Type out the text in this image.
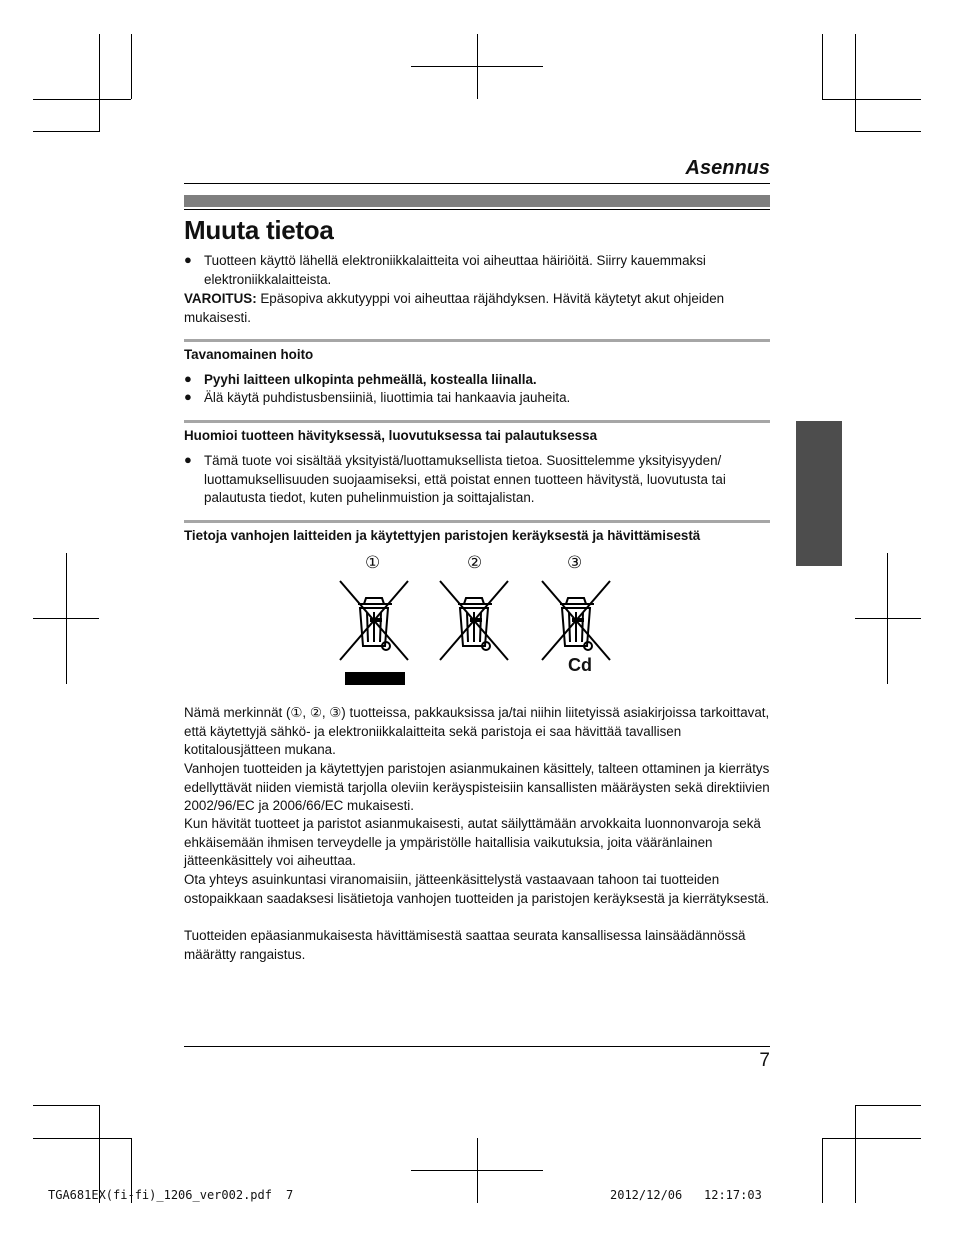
Asennus
Muuta tietoa
● Tuotteen käyttö lähellä elektroniikkalaitteita voi aiheuttaa häiriöitä. Siirry kauemmaksi elektroniikkalaitteista.
VAROITUS: Epäsopiva akkutyyppi voi aiheuttaa räjähdyksen. Hävitä käytetyt akut ohjeiden mukaisesti.
Tavanomainen hoito
● Pyyhi laitteen ulkopinta pehmeällä, kostealla liinalla.
● Älä käytä puhdistusbensiiniä, liuottimia tai hankaavia jauheita.
Huomioi tuotteen hävityksessä, luovutuksessa tai palautuksessa
● Tämä tuote voi sisältää yksityistä/luottamuksellista tietoa. Suosittelemme yksityisyyden/ luottamuksellisuuden suojaamiseksi, että poistat ennen tuotteen hävitystä, luovutusta tai palautusta tiedot, kuten puhelinmuistion ja soittajalistan.
Tietoja vanhojen laitteiden ja käytettyjen paristojen keräyksestä ja hävittämisestä
①	②	③
Cd
Nämä merkinnät (①, ②, ③) tuotteissa, pakkauksissa ja/tai niihin liitetyissä asiakirjoissa tarkoittavat, että käytettyjä sähkö- ja elektroniikkalaitteita sekä paristoja ei saa hävittää tavallisen kotitalousjätteen mukana.
Vanhojen tuotteiden ja käytettyjen paristojen asianmukainen käsittely, talteen ottaminen ja kierrätys edellyttävät niiden viemistä tarjolla oleviin keräyspisteisiin kansallisten määräysten sekä direktiivien 2002/96/EC ja 2006/66/EC mukaisesti.
Kun hävität tuotteet ja paristot asianmukaisesti, autat säilyttämään arvokkaita luonnonvaroja sekä ehkäisemään ihmisen terveydelle ja ympäristölle haitallisia vaikutuksia, joita vääränlainen jätteenkäsittely voi aiheuttaa.
Ota yhteys asuinkuntasi viranomaisiin, jätteenkäsittelystä vastaavaan tahoon tai tuotteiden ostopaikkaan saadaksesi lisätietoja vanhojen tuotteiden ja paristojen keräyksestä ja kierrätyksestä.
Tuotteiden epäasianmukaisesta hävittämisestä saattaa seurata kansallisessa lainsäädännössä määrätty rangaistus.
7
TGA681EX(fi-fi)_1206_ver002.pdf 7	2012/12/06 12:17:03
